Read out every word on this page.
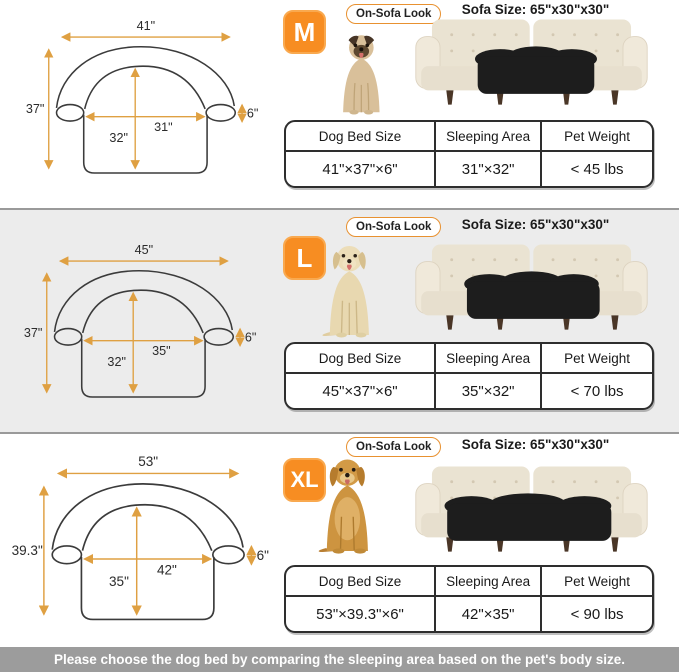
41"
37"
31"
32"
6"
M
On-Sofa Look	Sofa Size: 65"x30"x30"
Dog Bed Size	Sleeping Area	Pet Weight
41"×37"×6"	31"×32"	< 45 lbs
45"
37"
35"
32"
6"
L
On-Sofa Look	Sofa Size: 65"x30"x30"
Dog Bed Size	Sleeping Area	Pet Weight
45"×37"×6"	35"×32"	< 70 lbs
53"
39.3"
42"
35"
6"
XL
On-Sofa Look	Sofa Size: 65"x30"x30"
Dog Bed Size	Sleeping Area	Pet Weight
53"×39.3"×6"	42"×35"	< 90 lbs
Please choose the dog bed by comparing the sleeping area based on the pet's body size.
